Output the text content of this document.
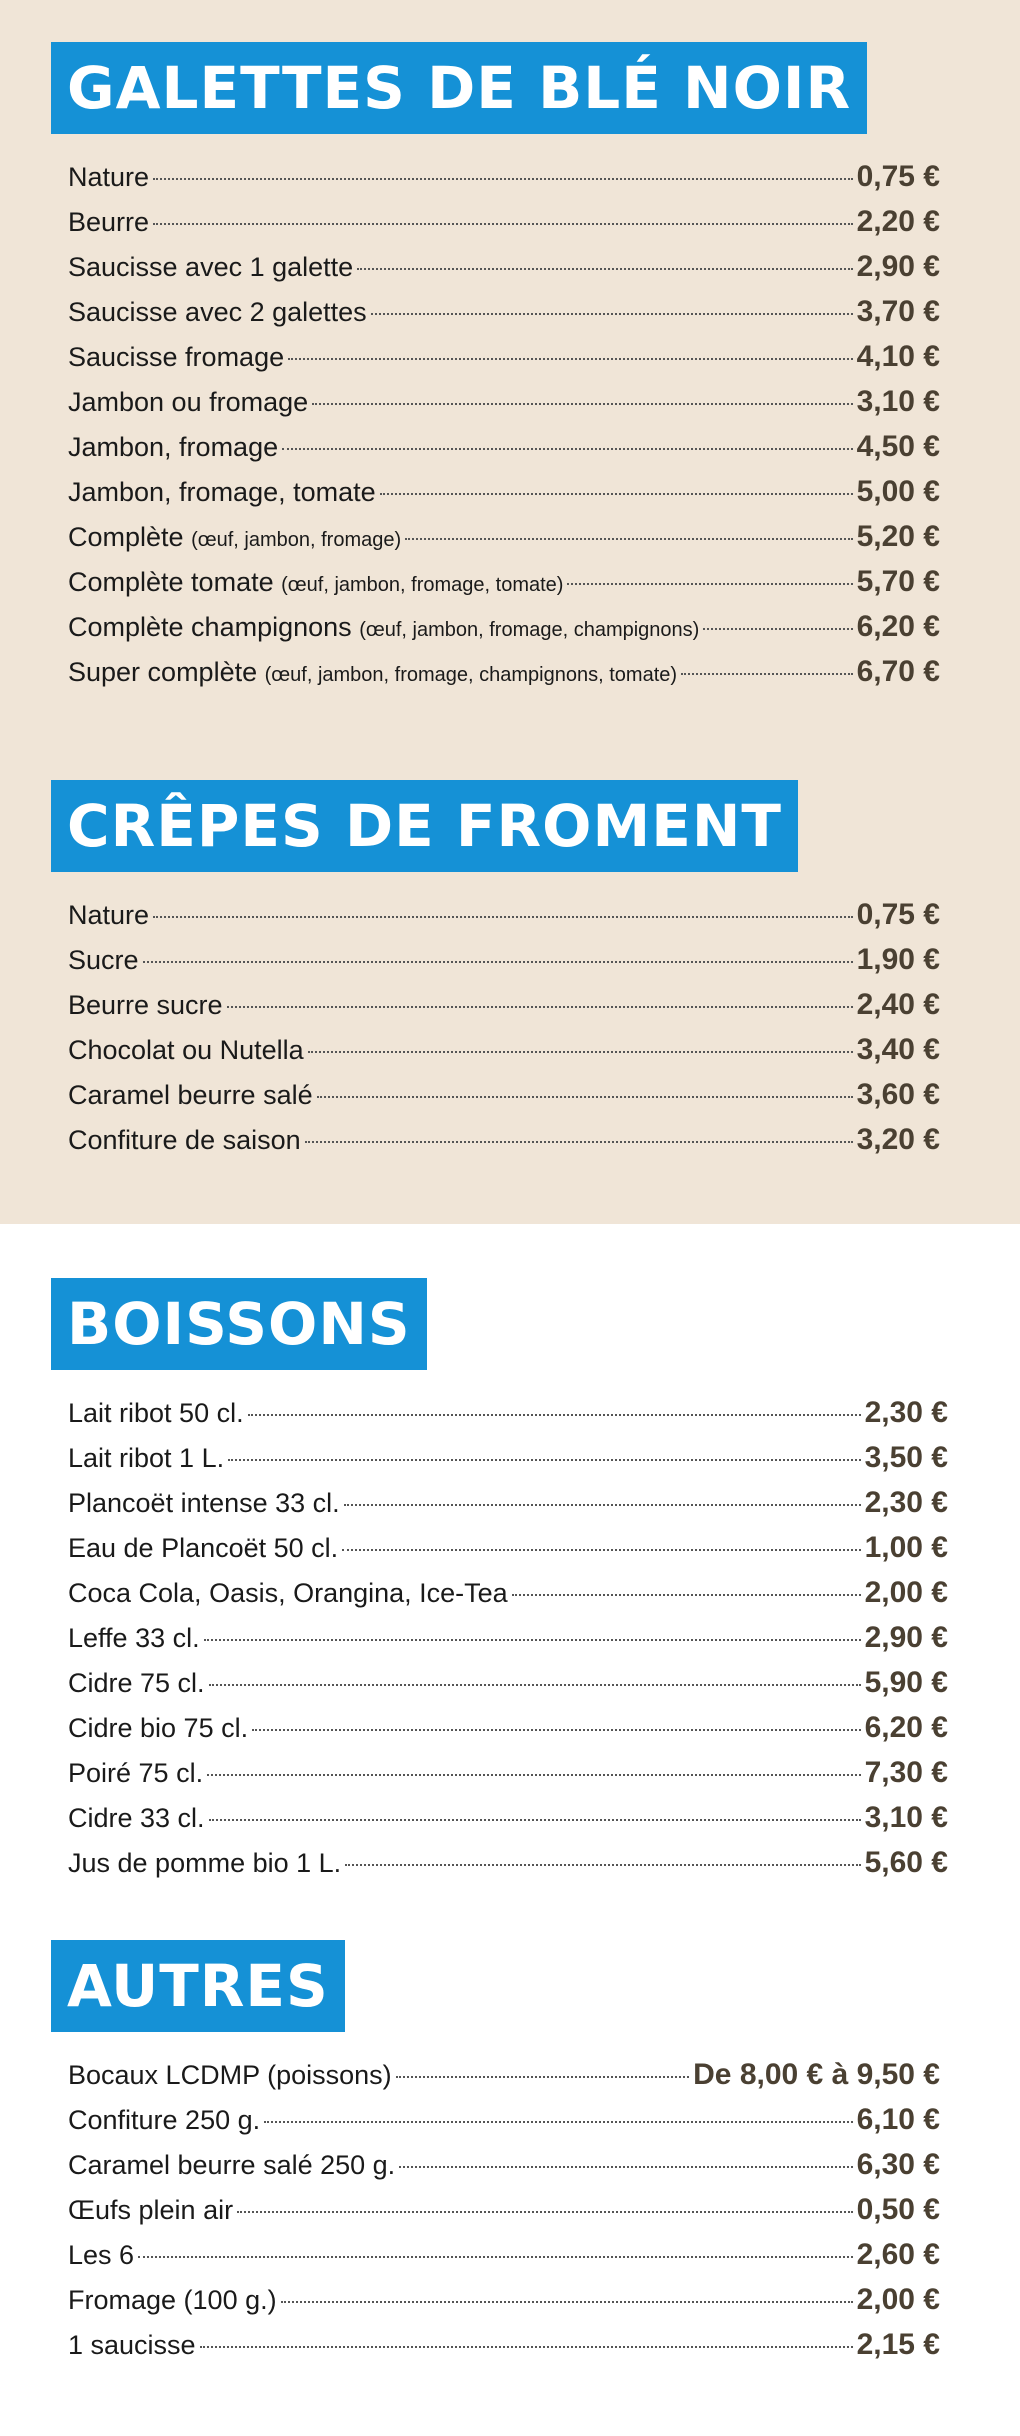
GALETTES DE BLÉ NOIR
Nature	0,75 €
Beurre	2,20 €
Saucisse avec 1 galette	2,90 €
Saucisse avec 2 galettes	3,70 €
Saucisse fromage	4,10 €
Jambon ou fromage	3,10 €
Jambon, fromage	4,50 €
Jambon, fromage, tomate	5,00 €
Complète (œuf, jambon, fromage)	5,20 €
Complète tomate (œuf, jambon, fromage, tomate)	5,70 €
Complète champignons (œuf, jambon, fromage, champignons)	6,20 €
Super complète (œuf, jambon, fromage, champignons, tomate)	6,70 €
CRÊPES DE FROMENT
Nature	0,75 €
Sucre	1,90 €
Beurre sucre	2,40 €
Chocolat ou Nutella	3,40 €
Caramel beurre salé	3,60 €
Confiture de saison	3,20 €
BOISSONS
Lait ribot 50 cl.	2,30 €
Lait ribot 1 L.	3,50 €
Plancoët intense 33 cl.	2,30 €
Eau de Plancoët 50 cl.	1,00 €
Coca Cola, Oasis, Orangina, Ice-Tea	2,00 €
Leffe 33 cl.	2,90 €
Cidre 75 cl.	5,90 €
Cidre bio 75 cl.	6,20 €
Poiré 75 cl.	7,30 €
Cidre 33 cl.	3,10 €
Jus de pomme bio 1 L.	5,60 €
AUTRES
Bocaux LCDMP (poissons)	De 8,00 € à 9,50 €
Confiture 250 g.	6,10 €
Caramel beurre salé 250 g.	6,30 €
Œufs plein air	0,50 €
Les 6	2,60 €
Fromage (100 g.)	2,00 €
1 saucisse	2,15 €
